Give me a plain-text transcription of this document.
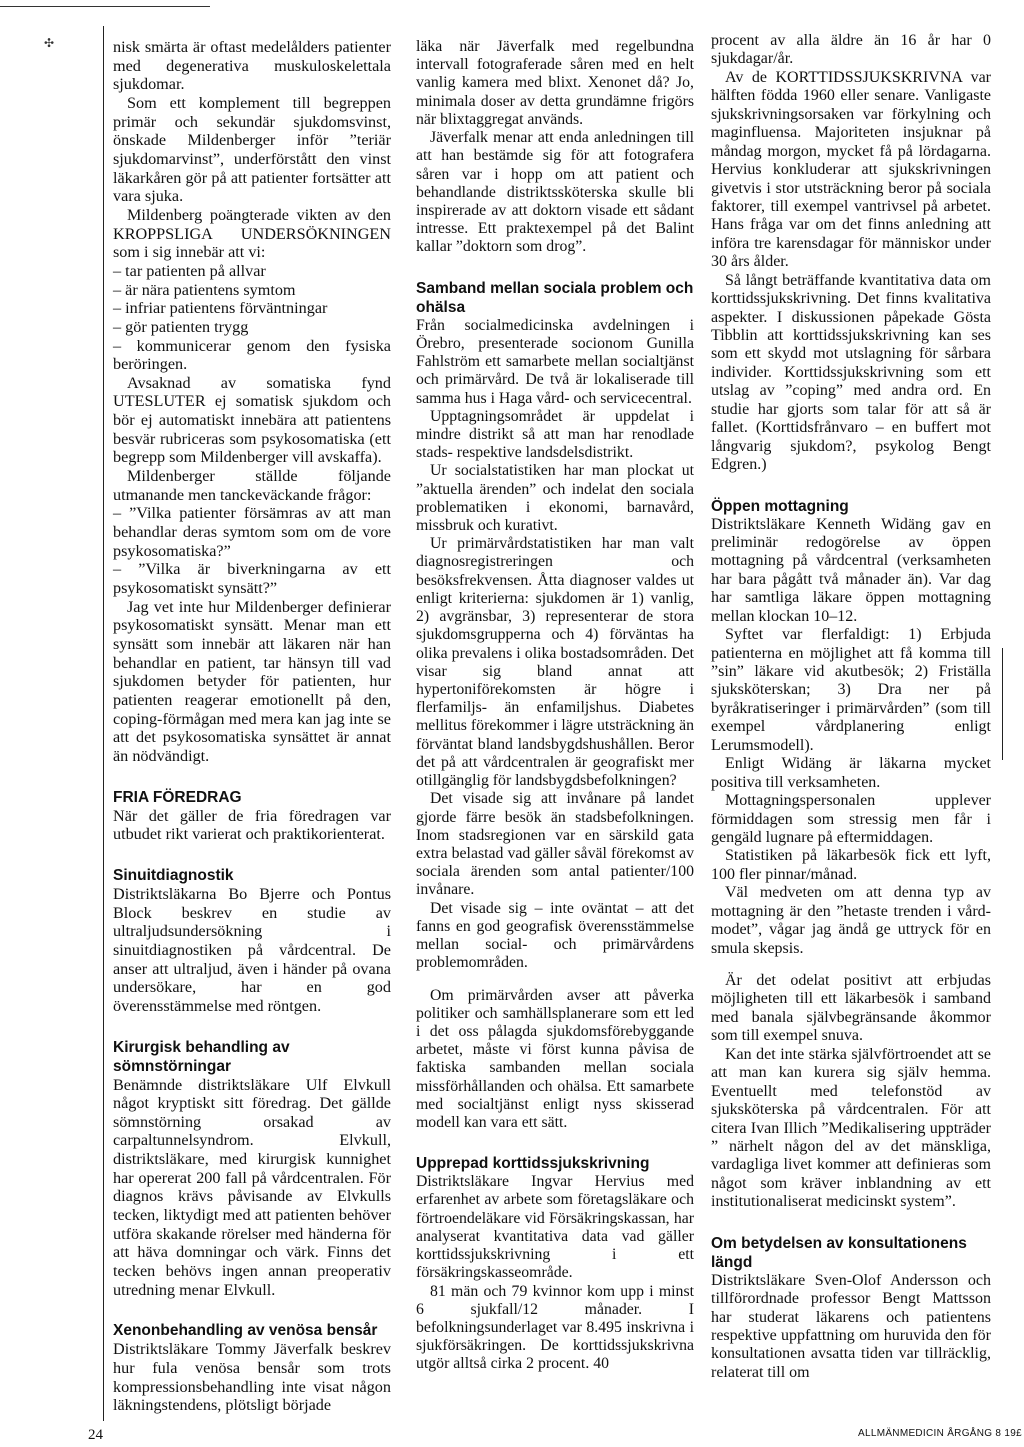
✣	nisk smärta är oftast medelålders patienter med degenerativa muskuloskelettala sjukdomar.

Som ett komplement till begreppen primär och sekundär sjukdomsvinst, önskade Mildenberger inför ”teriär sjukdomarvinst”, underförstått den vinst läkarkåren gör på att patienter fortsätter att vara sjuka.

Mildenberg poängterade vikten av den KROPPSLIGA UNDERSÖKNINGEN som i sig innebär att vi:

– tar patienten på allvar

– är nära patientens symtom

– infriar patientens förväntningar

– gör patienten trygg

– kommunicerar genom den fysiska beröringen.

Avsaknad av somatiska fynd UTESLUTER ej somatisk sjukdom och bör ej automatiskt innebära att patientens besvär rubriceras som psykosomatiska (ett begrepp som Mildenberger vill avskaffa).

Mildenberger ställde följande utmanande men tanckeväckande frågor:

– ”Vilka patienter försämras av att man behandlar deras symtom som om de vore psykosomatiska?”

– ”Vilka är biverkningarna av ett psykosomatiskt synsätt?”

Jag vet inte hur Mildenberger definierar psykosomatiskt synsätt. Menar man ett synsätt som innebär att läkaren när han behandlar en patient, tar hänsyn till vad sjukdomen betyder för patienten, hur patienten reagerar emotionellt på den, coping-förmågan med mera kan jag inte se att det psykosomatiska synsättet är annat än nödvändigt.

FRIA FÖREDRAG

När det gäller de fria föredragen var utbudet rikt varierat och praktikorienterat.

Sinuitdiagnostik

Distriktsläkarna Bo Bjerre och Pontus Block beskrev en studie av ultraljudsundersökning i sinuitdiagnostiken på vårdcentral. De anser att ultraljud, även i händer på ovana undersökare, har en god överensstämmelse med röntgen.

Kirurgisk behandling av sömnstörningar

Benämnde distriktsläkare Ulf Elvkull något kryptiskt sitt föredrag. Det gällde sömnstörning orsakad av carpaltunnelsyndrom. Elvkull, distriktsläkare, med kirurgisk kunnighet har opererat 200 fall på vårdcentralen. För diagnos krävs påvisande av Elvkulls tecken, liktydigt med att patienten behöver utföra skakande rörelser med händerna för att häva domningar och värk. Finns det tecken behövs ingen annan preoperativ utredning menar Elvkull.

Xenonbehandling av venösa bensår

Distriktsläkare Tommy Jäverfalk beskrev hur fula venösa bensår som trots kompressionsbehandling inte visat någon läkningstendens, plötsligt började

läka när Jäverfalk med regelbundna intervall fotograferade såren med en helt vanlig kamera med blixt. Xenonet då? Jo, minimala doser av detta grundämne frigörs när blixtaggregat används.

Jäverfalk menar att enda anledningen till att han bestämde sig för att fotografera såren var i hopp om att patient och behandlande distriktssköterska skulle bli inspirerade av att doktorn visade ett sådant intresse. Ett praktexempel på det Balint kallar ”doktorn som drog”.

Samband mellan sociala problem och ohälsa

Från socialmedicinska avdelningen i Örebro, presenterade socionom Gunilla Fahlström ett samarbete mellan socialtjänst och primärvård. De två är lokaliserade till samma hus i Haga vård- och servicecentral.

Upptagningsområdet är uppdelat i mindre distrikt så att man har renodlade stads- respektive landsdelsdistrikt.

Ur socialstatistiken har man plockat ut ”aktuella ärenden” och indelat den sociala problematiken i ekonomi, barnavård, missbruk och kurativt.

Ur primärvårdstatistiken har man valt diagnosregistreringen och besöksfrekvensen. Åtta diagnoser valdes ut enligt kriterierna: sjukdomen är 1) vanlig, 2) avgränsbar, 3) representerar de stora sjukdomsgrupperna och 4) förväntas ha olika prevalens i olika bostadsområden. Det visar sig bland annat att hypertoniförekomsten är högre i flerfamiljs- än enfamiljshus. Diabetes mellitus förekommer i lägre utsträckning än förväntat bland landsbygdshushållen. Beror det på att vårdcentralen är geografiskt mer otillgänglig för landsbygdsbefolkningen?

Det visade sig att invånare på landet gjorde färre besök än stadsbefolkningen. Inom stadsregionen var en särskild gata extra belastad vad gäller såväl förekomst av sociala ärenden som antal patienter/100 invånare.

Det visade sig – inte oväntat – att det fanns en god geografisk överensstämmelse mellan social- och primärvårdens problemområden.

Om primärvården avser att påverka politiker och samhällsplanerare som ett led i det oss pålagda sjukdomsförebyggande arbetet, måste vi först kunna påvisa de faktiska sambanden mellan sociala missförhållanden och ohälsa. Ett samarbete med socialtjänst enligt nyss skisserad modell kan vara ett sätt.

Upprepad korttidssjukskrivning

Distriktsläkare Ingvar Hervius med erfarenhet av arbete som företagsläkare och förtroendeläkare vid Försäkringskassan, har analyserat kvantitativa data vad gäller korttidssjukskrivning i ett försäkringskasseområde.

81 män och 79 kvinnor kom upp i minst 6 sjukfall/12 månader. I befolkningsunderlaget var 8.495 inskrivna i sjukförsäkringen. De korttidssjukskrivna utgör alltså cirka 2 procent. 40

procent av alla äldre än 16 år har 0 sjukdagar/år.

Av de KORTTIDSSJUKSKRIVNA var hälften födda 1960 eller senare. Vanligaste sjukskrivningsorsaken var förkylning och maginfluensa. Majoriteten insjuknar på måndag morgon, mycket få på lördagarna. Hervius konkluderar att sjukskrivningen givetvis i stor utsträckning beror på sociala faktorer, till exempel vantrivsel på arbetet. Hans fråga var om det finns anledning att införa tre karensdagar för människor under 30 års ålder.

Så långt beträffande kvantitativa data om korttidssjukskrivning. Det finns kvalitativa aspekter. I diskussionen påpekade Gösta Tibblin att korttidssjukskrivning kan ses som ett skydd mot utslagning för sårbara individer. Korttidssjukskrivning som ett utslag av ”coping” med andra ord. En studie har gjorts som talar för att så är fallet. (Korttidsfrånvaro – en buffert mot långvarig sjukdom?, psykolog Bengt Edgren.)

Öppen mottagning

Distriktsläkare Kenneth Widäng gav en preliminär redogörelse av öppen mottagning på vårdcentral (verksamheten har bara pågått två månader än). Var dag har samtliga läkare öppen mottagning mellan klockan 10–12.

Syftet var flerfaldigt: 1) Erbjuda patienterna en möjlighet att få komma till ”sin” läkare vid akutbesök; 2) Friställa sjuksköterskan; 3) Dra ner på byråkratiseringer i primärvården” (som till exempel vårdplanering enligt Lerumsmodell).

Enligt Widäng är läkarna mycket positiva till verksamheten.

Mottagningspersonalen upplever förmiddagen som stressig men får i gengäld lugnare på eftermiddagen.

Statistiken på läkarbesök fick ett lyft, 100 fler pinnar/månad.

Väl medveten om att denna typ av mottagning är den ”hetaste trenden i vård-modet”, vågar jag ändå ge uttryck för en smula skepsis.

Är det odelat positivt att erbjudas möjligheten till ett läkarbesök i samband med banala självbegränsande åkommor som till exempel snuva.

Kan det inte stärka självförtroendet att se att man kan kurera sig själv hemma. Eventuellt med telefonstöd av sjuksköterska på vårdcentralen. För att citera Ivan Illich ”Medikalisering uppträder ” närhelt någon del av det mänskliga, vardagliga livet kommer att definieras som något som kräver inblandning av ett institutionaliserat medicinskt system”.

Om betydelsen av konsultationens längd

Distriktsläkare Sven-Olof Andersson och tillförordnade professor Bengt Mattsson har studerat läkarens och patientens respektive uppfattning om huruvida den för konsultationen avsatta tiden var tillräcklig, relaterat till om

24	ALLMÄNMEDICIN ÅRGÅNG 8 19£
